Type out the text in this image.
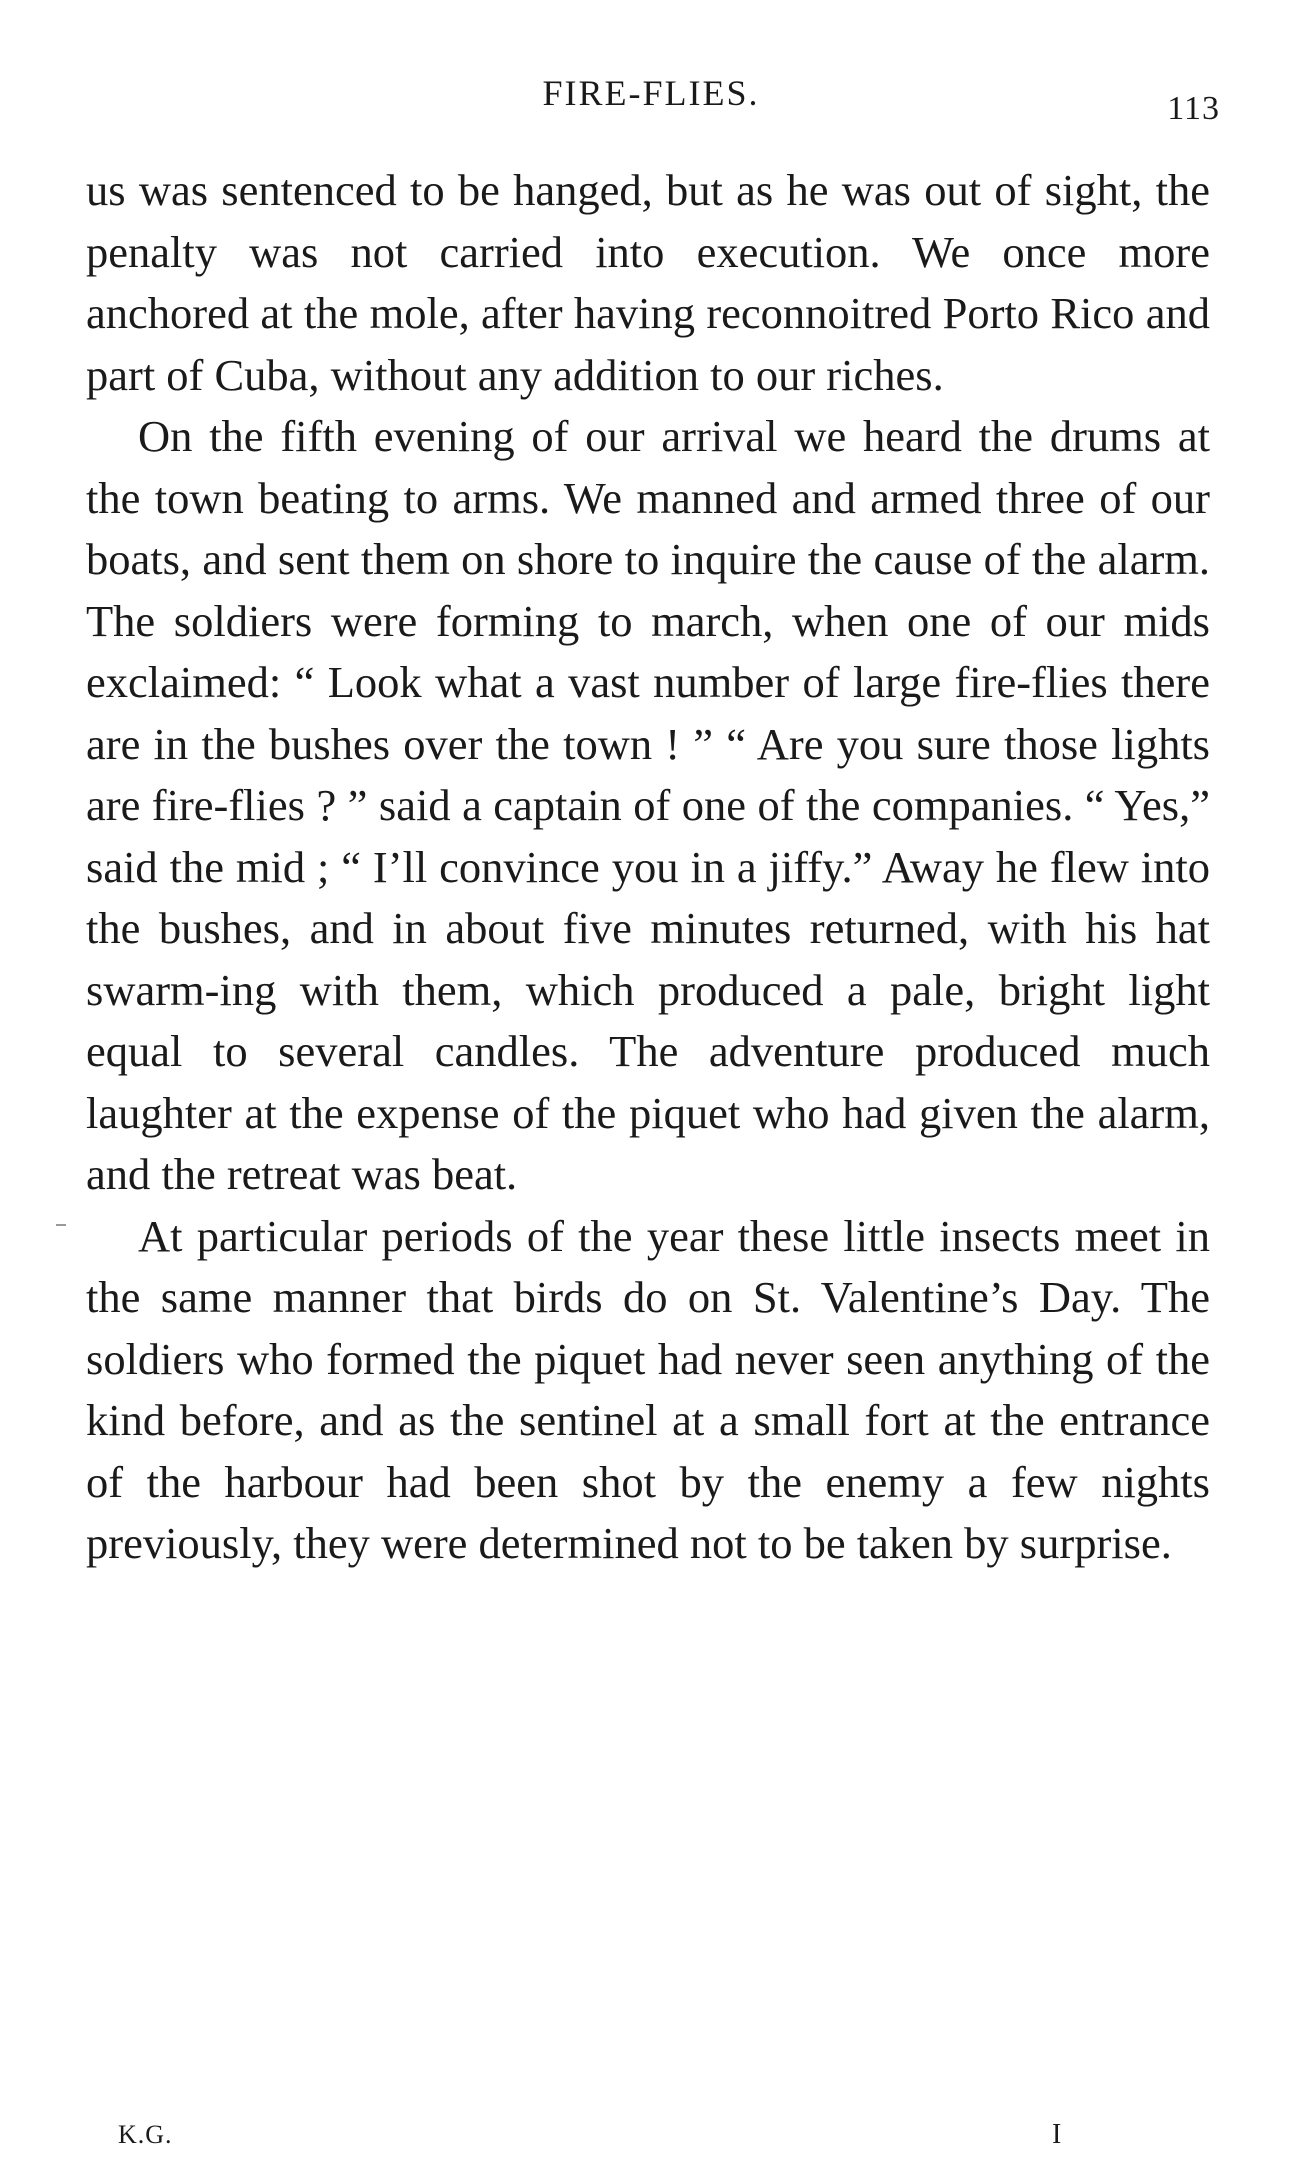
FIRE-FLIES.	113

us was sentenced to be hanged, but as he was out of sight, the penalty was not carried into execution. We once more anchored at the mole, after having reconnoitred Porto Rico and part of Cuba, without any addition to our riches.

On the fifth evening of our arrival we heard the drums at the town beating to arms. We manned and armed three of our boats, and sent them on shore to inquire the cause of the alarm. The soldiers were forming to march, when one of our mids exclaimed: “ Look what a vast number of large fire-flies there are in the bushes over the town ! ” “ Are you sure those lights are fire-flies ? ” said a captain of one of the companies. “ Yes,” said the mid ; “ I’ll convince you in a jiffy.” Away he flew into the bushes, and in about five minutes returned, with his hat swarm-ing with them, which produced a pale, bright light equal to several candles. The adventure produced much laughter at the expense of the piquet who had given the alarm, and the retreat was beat.

At particular periods of the year these little insects meet in the same manner that birds do on St. Valentine’s Day. The soldiers who formed the piquet had never seen anything of the kind before, and as the sentinel at a small fort at the entrance of the harbour had been shot by the enemy a few nights previously, they were determined not to be taken by surprise.

K.G.	I
